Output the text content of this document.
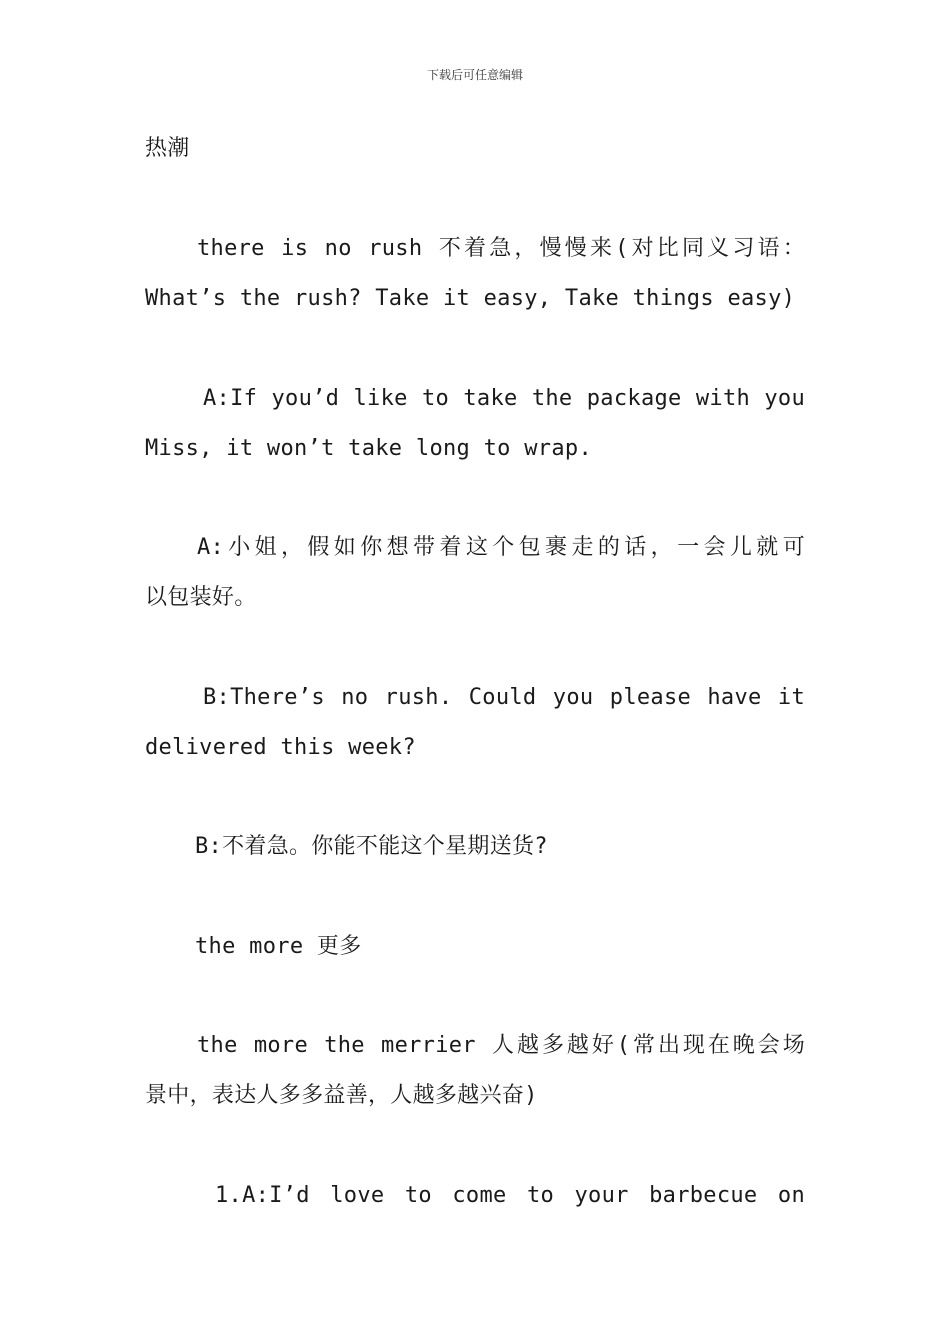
下载后可任意编辑
热潮
there is no rush 不着急，慢慢来(对比同义习语：
What’s the rush? Take it easy, Take things easy)
A:If you’d like to take the package with you
Miss, it won’t take long to wrap.
A:小姐，假如你想带着这个包裹走的话，一会儿就可
以包装好。
B:There’s no rush. Could you please have it
delivered this week?
B:不着急。你能不能这个星期送货?
the more 更多
the more the merrier 人越多越好(常出现在晚会场
景中，表达人多多益善，人越多越兴奋)
1.A:I’d love to come to your barbecue on
